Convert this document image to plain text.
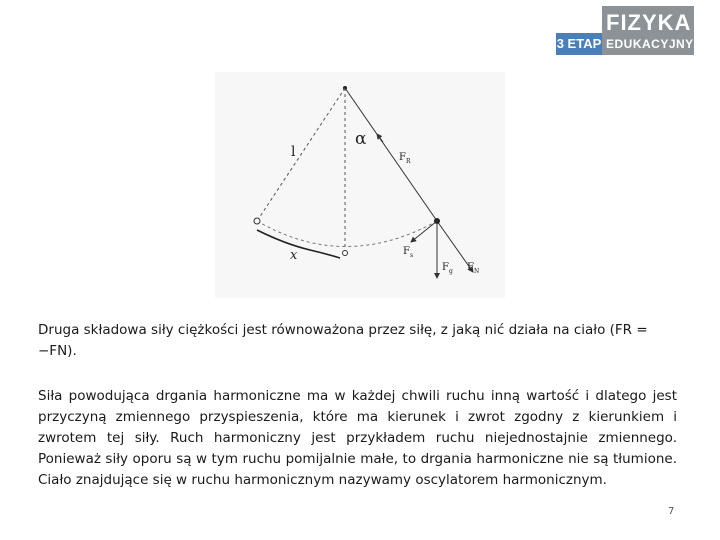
3 ETAP
FIZYKA
EDUKACYJNY
l
α
x
F R
F s
F g F N
Druga składowa siły ciężkości jest równoważona przez siłę, z jaką nić działa na ciało (FR = −FN).
Siła powodująca drgania harmoniczne ma w każdej chwili ruchu inną wartość i dlatego jest przyczyną zmiennego przyspieszenia, które ma kierunek i zwrot zgodny z kierunkiem i zwrotem tej siły. Ruch harmoniczny jest przykładem ruchu niejednostajnie zmiennego. Ponieważ siły oporu są w tym ruchu pomijalnie małe, to drgania harmoniczne nie są tłumione. Ciało znajdujące się w ruchu harmonicznym nazywamy oscylatorem harmonicznym.
7
